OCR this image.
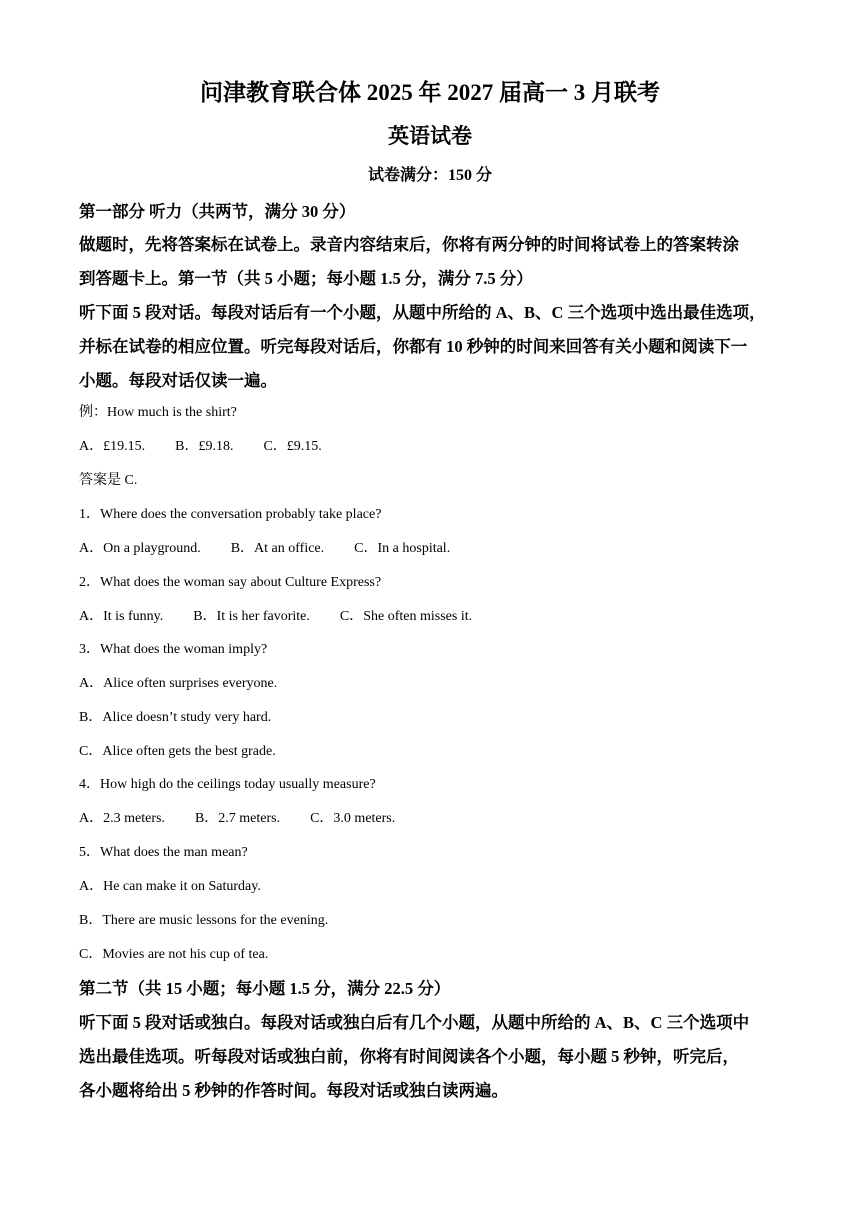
问津教育联合体 2025 年 2027 届高一 3 月联考
英语试卷
试卷满分：150 分
第一部分 听力（共两节，满分 30 分）
做题时，先将答案标在试卷上。录音内容结束后，你将有两分钟的时间将试卷上的答案转涂
到答题卡上。第一节（共 5 小题；每小题 1.5 分，满分 7.5 分）
听下面 5 段对话。每段对话后有一个小题，从题中所给的 A、B、C 三个选项中选出最佳选项，
并标在试卷的相应位置。听完每段对话后，你都有 10 秒钟的时间来回答有关小题和阅读下一
小题。每段对话仅读一遍。
例：How much is the shirt?
A．£19.15. B．£9.18. C．£9.15.
答案是 C.
1．Where does the conversation probably take place?
A．On a playground. B．At an office. C．In a hospital.
2．What does the woman say about Culture Express?
A．It is funny. B．It is her favorite. C．She often misses it.
3．What does the woman imply?
A．Alice often surprises everyone.
B．Alice doesn’t study very hard.
C．Alice often gets the best grade.
4．How high do the ceilings today usually measure?
A．2.3 meters. B．2.7 meters. C．3.0 meters.
5．What does the man mean?
A．He can make it on Saturday.
B．There are music lessons for the evening.
C．Movies are not his cup of tea.
第二节（共 15 小题；每小题 1.5 分，满分 22.5 分）
听下面 5 段对话或独白。每段对话或独白后有几个小题，从题中所给的 A、B、C 三个选项中
选出最佳选项。听每段对话或独白前，你将有时间阅读各个小题，每小题 5 秒钟，听完后，
各小题将给出 5 秒钟的作答时间。每段对话或独白读两遍。
